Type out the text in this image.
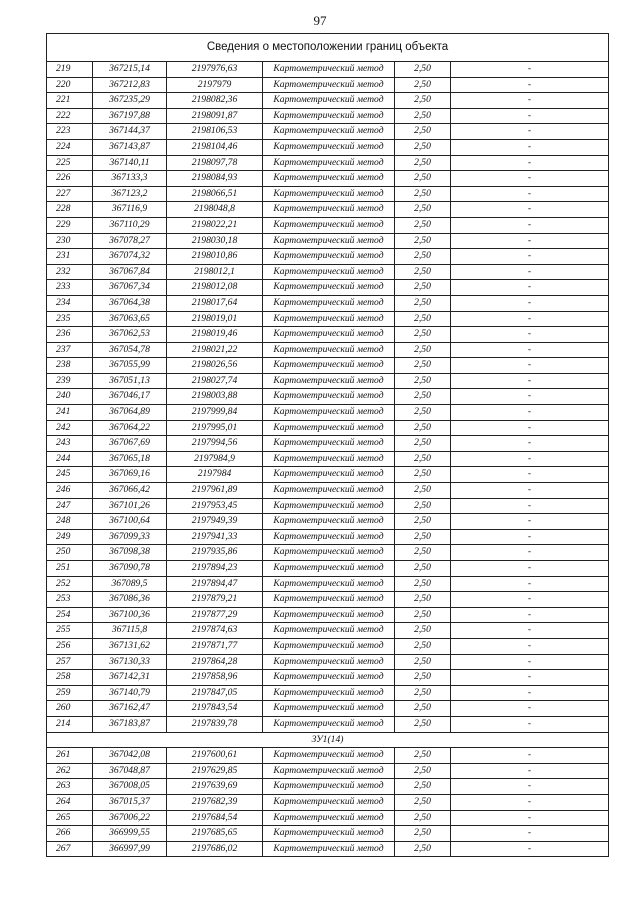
97
Сведения о местоположении границ объекта					
219	367215,14	2197976,63	Картометрический метод	2,50	-
220	367212,83	2197979	Картометрический метод	2,50	-
221	367235,29	2198082,36	Картометрический метод	2,50	-
222	367197,88	2198091,87	Картометрический метод	2,50	-
223	367144,37	2198106,53	Картометрический метод	2,50	-
224	367143,87	2198104,46	Картометрический метод	2,50	-
225	367140,11	2198097,78	Картометрический метод	2,50	-
226	367133,3	2198084,93	Картометрический метод	2,50	-
227	367123,2	2198066,51	Картометрический метод	2,50	-
228	367116,9	2198048,8	Картометрический метод	2,50	-
229	367110,29	2198022,21	Картометрический метод	2,50	-
230	367078,27	2198030,18	Картометрический метод	2,50	-
231	367074,32	2198010,86	Картометрический метод	2,50	-
232	367067,84	2198012,1	Картометрический метод	2,50	-
233	367067,34	2198012,08	Картометрический метод	2,50	-
234	367064,38	2198017,64	Картометрический метод	2,50	-
235	367063,65	2198019,01	Картометрический метод	2,50	-
236	367062,53	2198019,46	Картометрический метод	2,50	-
237	367054,78	2198021,22	Картометрический метод	2,50	-
238	367055,99	2198026,56	Картометрический метод	2,50	-
239	367051,13	2198027,74	Картометрический метод	2,50	-
240	367046,17	2198003,88	Картометрический метод	2,50	-
241	367064,89	2197999,84	Картометрический метод	2,50	-
242	367064,22	2197995,01	Картометрический метод	2,50	-
243	367067,69	2197994,56	Картометрический метод	2,50	-
244	367065,18	2197984,9	Картометрический метод	2,50	-
245	367069,16	2197984	Картометрический метод	2,50	-
246	367066,42	2197961,89	Картометрический метод	2,50	-
247	367101,26	2197953,45	Картометрический метод	2,50	-
248	367100,64	2197949,39	Картометрический метод	2,50	-
249	367099,33	2197941,33	Картометрический метод	2,50	-
250	367098,38	2197935,86	Картометрический метод	2,50	-
251	367090,78	2197894,23	Картометрический метод	2,50	-
252	367089,5	2197894,47	Картометрический метод	2,50	-
253	367086,36	2197879,21	Картометрический метод	2,50	-
254	367100,36	2197877,29	Картометрический метод	2,50	-
255	367115,8	2197874,63	Картометрический метод	2,50	-
256	367131,62	2197871,77	Картометрический метод	2,50	-
257	367130,33	2197864,28	Картометрический метод	2,50	-
258	367142,31	2197858,96	Картометрический метод	2,50	-
259	367140,79	2197847,05	Картометрический метод	2,50	-
260	367162,47	2197843,54	Картометрический метод	2,50	-
214	367183,87	2197839,78	Картометрический метод	2,50	-
ЗУ1(14)					
261	367042,08	2197600,61	Картометрический метод	2,50	-
262	367048,87	2197629,85	Картометрический метод	2,50	-
263	367008,05	2197639,69	Картометрический метод	2,50	-
264	367015,37	2197682,39	Картометрический метод	2,50	-
265	367006,22	2197684,54	Картометрический метод	2,50	-
266	366999,55	2197685,65	Картометрический метод	2,50	-
267	366997,99	2197686,02	Картометрический метод	2,50	-
